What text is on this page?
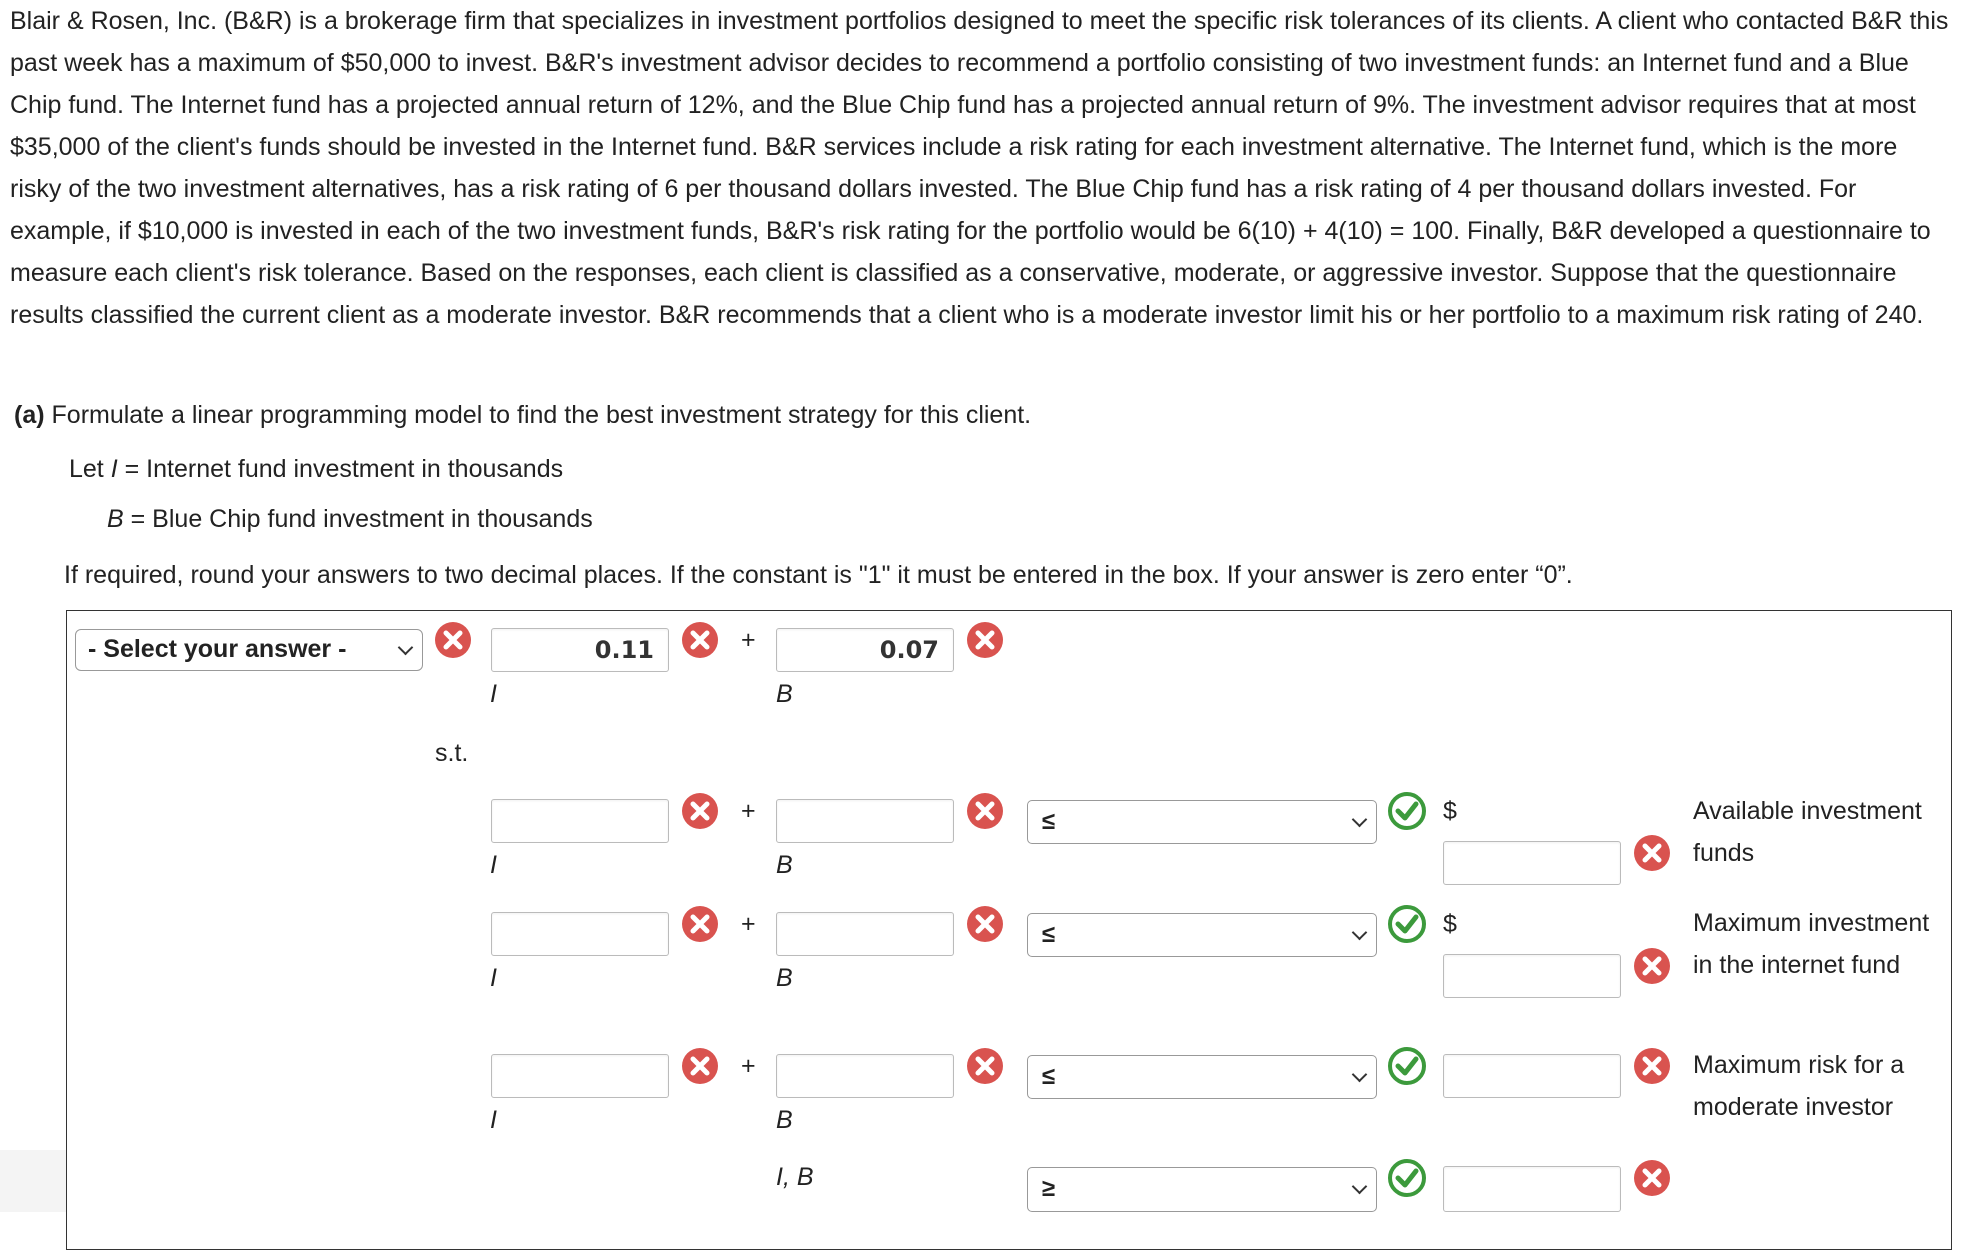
Blair & Rosen, Inc. (B&R) is a brokerage firm that specializes in investment portfolios designed to meet the specific risk tolerances of its clients. A client who contacted B&R this past week has a maximum of $50,000 to invest. B&R's investment advisor decides to recommend a portfolio consisting of two investment funds: an Internet fund and a Blue Chip fund. The Internet fund has a projected annual return of 12%, and the Blue Chip fund has a projected annual return of 9%. The investment advisor requires that at most $35,000 of the client's funds should be invested in the Internet fund. B&R services include a risk rating for each investment alternative. The Internet fund, which is the more risky of the two investment alternatives, has a risk rating of 6 per thousand dollars invested. The Blue Chip fund has a risk rating of 4 per thousand dollars invested. For example, if $10,000 is invested in each of the two investment funds, B&R's risk rating for the portfolio would be 6(10) + 4(10) = 100. Finally, B&R developed a questionnaire to measure each client's risk tolerance. Based on the responses, each client is classified as a conservative, moderate, or aggressive investor. Suppose that the questionnaire results classified the current client as a moderate investor. B&R recommends that a client who is a moderate investor limit his or her portfolio to a maximum risk rating of 240.

(a) Formulate a linear programming model to find the best investment strategy for this client.
Let I = Internet fund investment in thousands
B = Blue Chip fund investment in thousands
If required, round your answers to two decimal places. If the constant is "1" it must be entered in the box. If your answer is zero enter “0”.
- Select your answer -	0.11	+	0.07
I	B
s.t.
+	≤	$	Available investment funds
I	B
+	≤	$	Maximum investment in the internet fund
I	B
+	≤	Maximum risk for a moderate investor
I	B
I, B	≥
